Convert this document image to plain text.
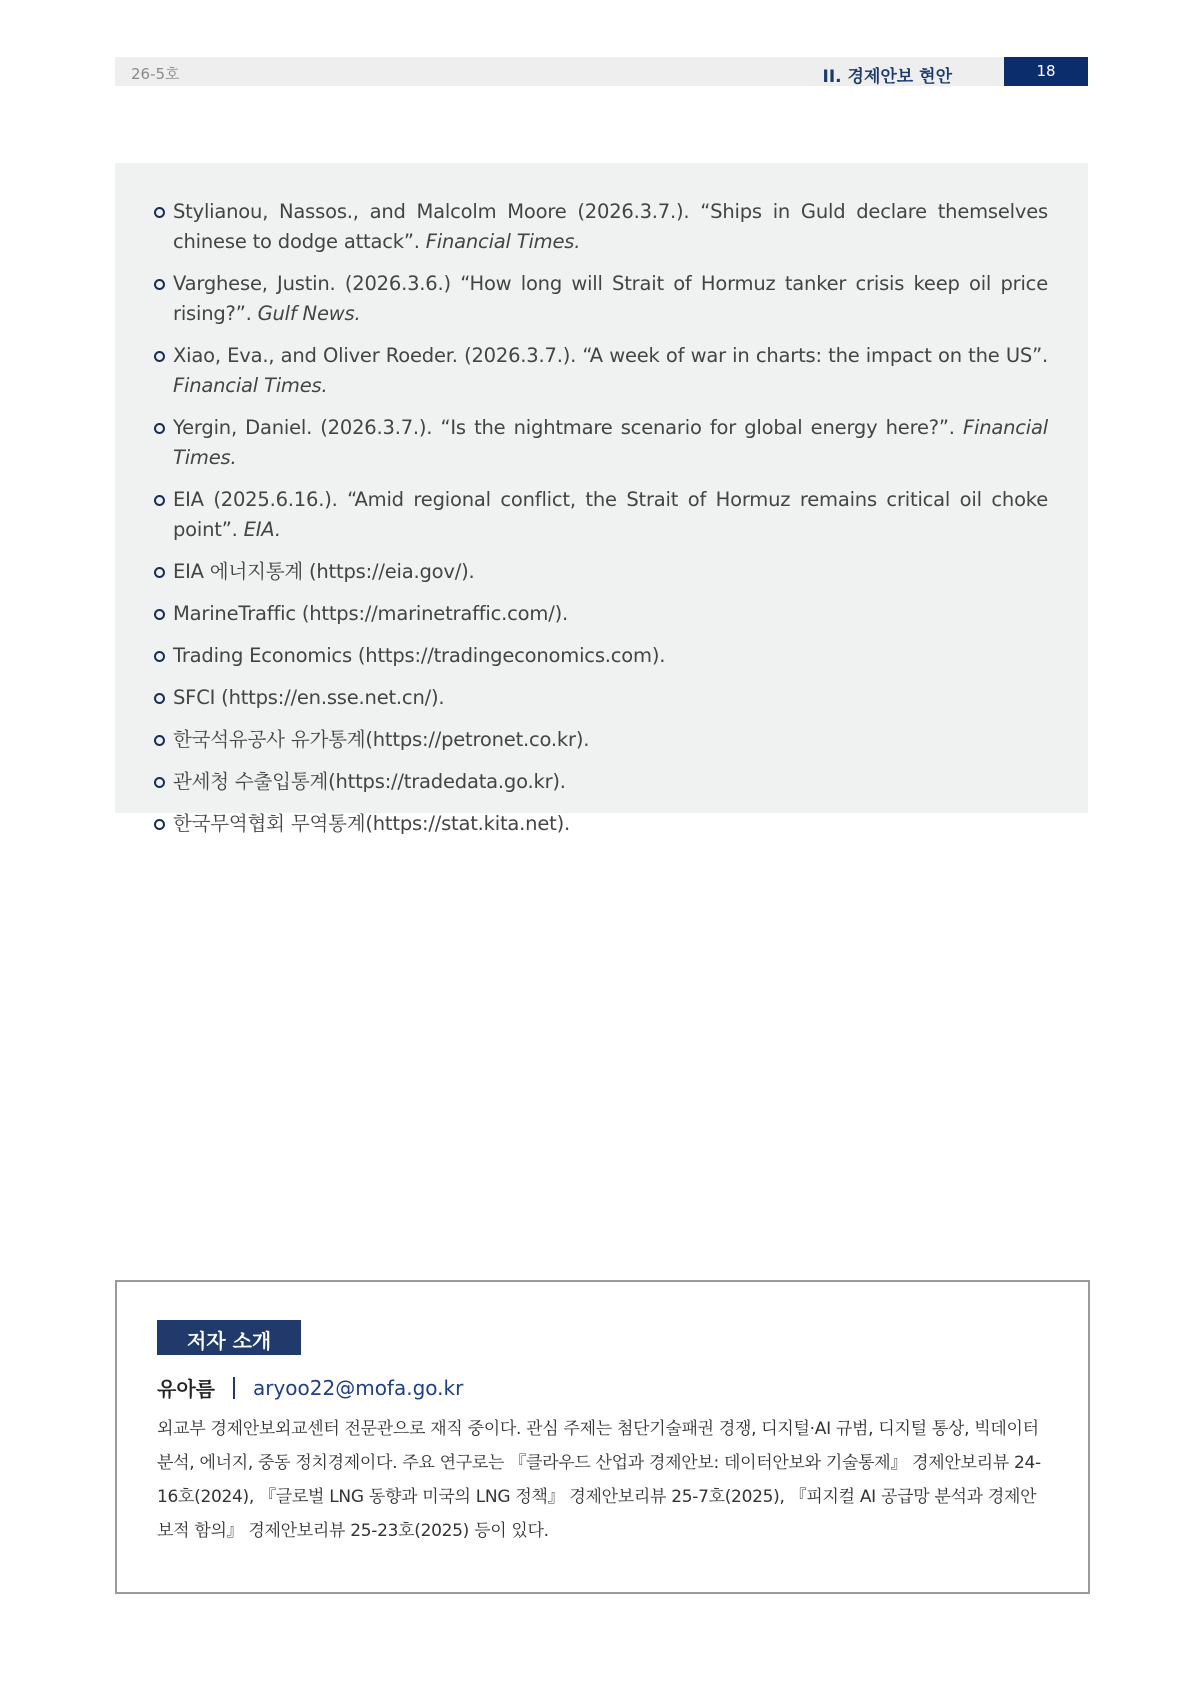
26-5호	II. 경제안보 현안	18
Stylianou, Nassos., and Malcolm Moore (2026.3.7.). “Ships in Guld declare themselves chinese to dodge attack”. Financial Times.
Varghese, Justin. (2026.3.6.) “How long will Strait of Hormuz tanker crisis keep oil price rising?”. Gulf News.
Xiao, Eva., and Oliver Roeder. (2026.3.7.). “A week of war in charts: the impact on the US”. Financial Times.
Yergin, Daniel. (2026.3.7.). “Is the nightmare scenario for global energy here?”. Financial Times.
EIA (2025.6.16.). “Amid regional conflict, the Strait of Hormuz remains critical oil choke point”. EIA.
EIA 에너지통계 (https://eia.gov/).
MarineTraffic (https://marinetraffic.com/).
Trading Economics (https://tradingeconomics.com).
SFCI (https://en.sse.net.cn/).
한국석유공사 유가통계(https://petronet.co.kr).
관세청 수출입통계(https://tradedata.go.kr).
한국무역협회 무역통계(https://stat.kita.net).
저자 소개
유아름 aryoo22@mofa.go.kr

외교부 경제안보외교센터 전문관으로 재직 중이다. 관심 주제는 첨단기술패권 경쟁, 디지털·AI 규범, 디지털 통상, 빅데이터 분석, 에너지, 중동 정치경제이다. 주요 연구로는 『클라우드 산업과 경제안보: 데이터안보와 기술통제』 경제안보리뷰 24-16호(2024), 『글로벌 LNG 동향과 미국의 LNG 정책』 경제안보리뷰 25-7호(2025), 『피지컬 AI 공급망 분석과 경제안보적 함의』 경제안보리뷰 25-23호(2025) 등이 있다.
